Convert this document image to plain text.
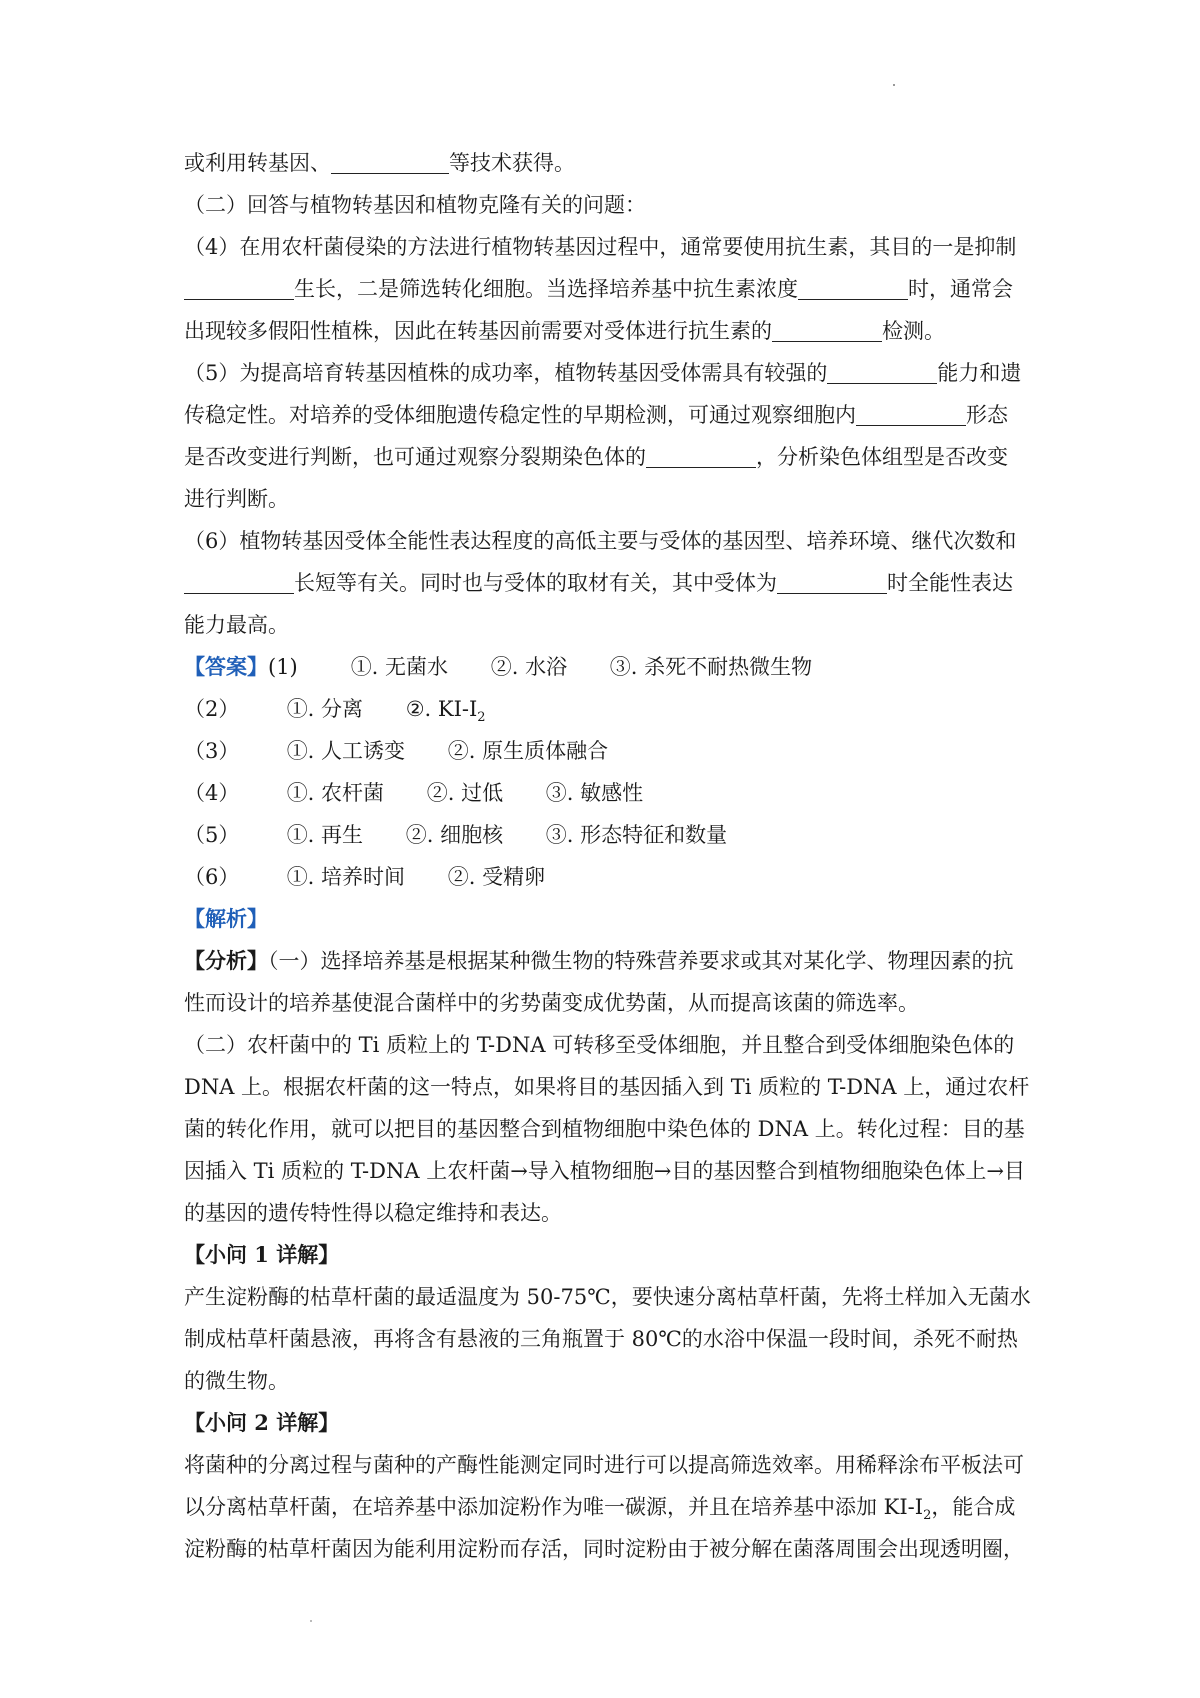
或利用转基因、	等技术获得。
（二）回答与植物转基因和植物克隆有关的问题：
（4）在用农杆菌侵染的方法进行植物转基因过程中，通常要使用抗生素，其目的一是抑制
生长，二是筛选转化细胞。当选择培养基中抗生素浓度	时，通常会
出现较多假阳性植株，因此在转基因前需要对受体进行抗生素的	检测。
（5）为提高培育转基因植株的成功率，植物转基因受体需具有较强的	能力和遗
传稳定性。对培养的受体细胞遗传稳定性的早期检测，可通过观察细胞内	形态
是否改变进行判断，也可通过观察分裂期染色体的	，分析染色体组型是否改变
进行判断。
（6）植物转基因受体全能性表达程度的高低主要与受体的基因型、培养环境、继代次数和
长短等有关。同时也与受体的取材有关，其中受体为	时全能性表达
能力最高。
【答案】(1)	①. 无菌水 ②. 水浴 ③. 杀死不耐热微生物
（2） ①. 分离 ②. $KI-I_2$
（3） ①. 人工诱变 ②. 原生质体融合
（4） ①. 农杆菌 ②. 过低 ③. 敏感性
（5） ①. 再生 ②. 细胞核 ③. 形态特征和数量
（6） ①. 培养时间 ②. 受精卵
【解析】
【分析】（一）选择培养基是根据某种微生物的特殊营养要求或其对某化学、物理因素的抗
性而设计的培养基使混合菌样中的劣势菌变成优势菌，从而提高该菌的筛选率。
（二）农杆菌中的 Ti 质粒上的 T-DNA 可转移至受体细胞，并且整合到受体细胞染色体的
DNA 上。根据农杆菌的这一特点，如果将目的基因插入到 Ti 质粒的 T-DNA 上，通过农杆
菌的转化作用，就可以把目的基因整合到植物细胞中染色体的 DNA 上。转化过程：目的基
因插入 Ti 质粒的 T-DNA 上农杆菌→导入植物细胞→目的基因整合到植物细胞染色体上→目
的基因的遗传特性得以稳定维持和表达。
【小问 1 详解】
产生淀粉酶的枯草杆菌的最适温度为 50-75℃，要快速分离枯草杆菌，先将土样加入无菌水
制成枯草杆菌悬液，再将含有悬液的三角瓶置于 80℃的水浴中保温一段时间，杀死不耐热
的微生物。
【小问 2 详解】
将菌种的分离过程与菌种的产酶性能测定同时进行可以提高筛选效率。用稀释涂布平板法可
以分离枯草杆菌，在培养基中添加淀粉作为唯一碳源，并且在培养基中添加 $KI-I_2$，能合成
淀粉酶的枯草杆菌因为能利用淀粉而存活，同时淀粉由于被分解在菌落周围会出现透明圈，
